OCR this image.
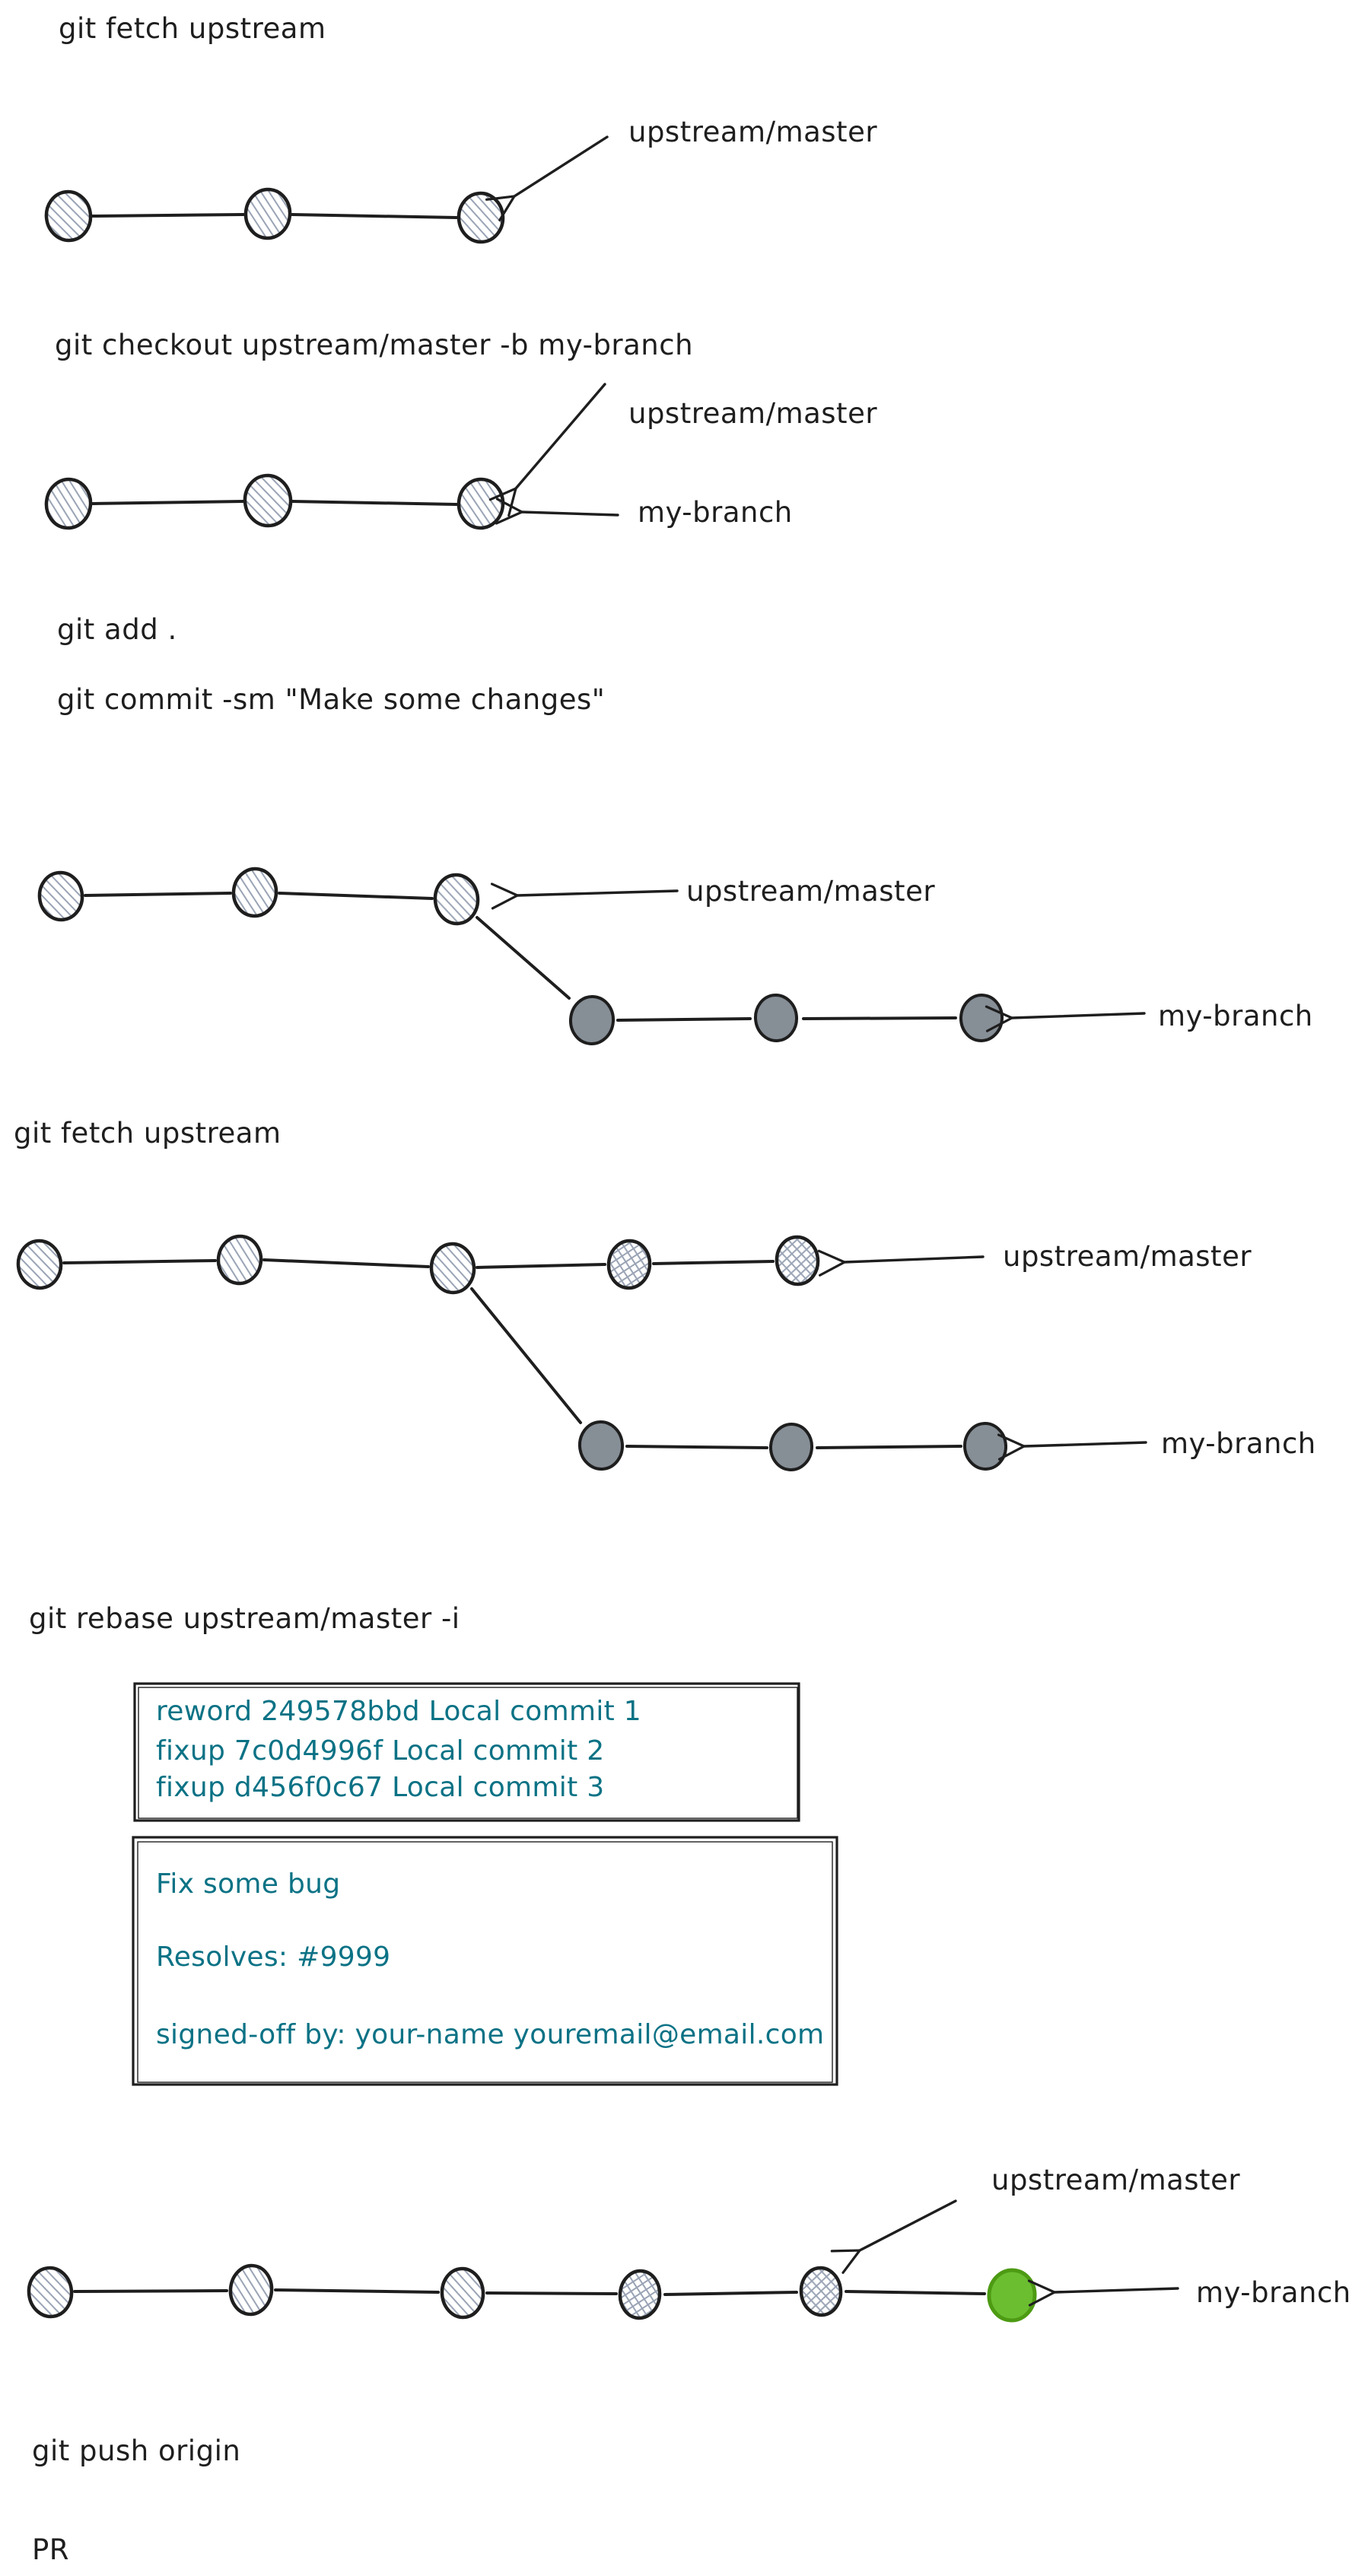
git fetch upstream
upstream/master
git checkout upstream/master -b my-branch
upstream/master
my-branch
git add .
git commit -sm "Make some changes"
upstream/master
my-branch
git fetch upstream
upstream/master
my-branch
git rebase upstream/master -i
reword 249578bbd Local commit 1
fixup 7c0d4996f Local commit 2
fixup d456f0c67 Local commit 3
Fix some bug
Resolves: #9999
signed-off by: your-name youremail@email.com
upstream/master
my-branch
git push origin
PR
